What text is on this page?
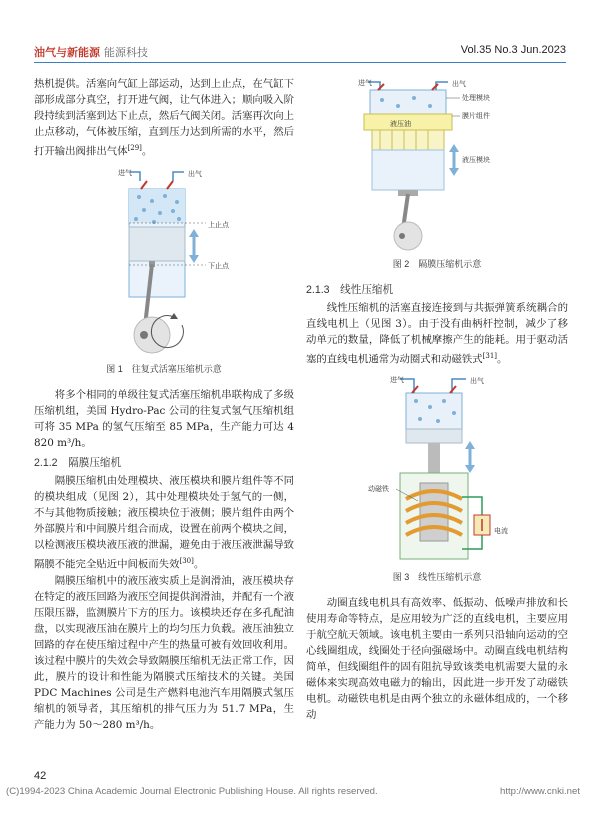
油气与新能源 能源科技	Vol.35 No.3 Jun.2023

热机提供。活塞向气缸上部运动，达到上止点，在气缸下部形成部分真空，打开进气阀，让气体进入；顺向吸入阶段持续到活塞到达下止点，然后气阀关闭。活塞再次向上止点移动，气体被压缩，直到压力达到所需的水平，然后打开输出阀排出气体[29]。

进气	出气
上止点
下止点
图 1　往复式活塞压缩机示意

将多个相同的单级往复式活塞压缩机串联构成了多级压缩机组，美国 Hydro-Pac 公司的往复式氢气压缩机组可将 35 MPa 的氢气压缩至 85 MPa，生产能力可达 4 820 m³/h。

2.1.2　隔膜压缩机

隔膜压缩机由处理模块、液压模块和膜片组件等不同的模块组成（见图 2），其中处理模块处于氢气的一侧，不与其他物质接触；液压模块位于液侧；膜片组件由两个外部膜片和中间膜片组合而成，设置在前两个模块之间，以检测液压模块液压液的泄漏，避免由于液压液泄漏导致隔膜不能完全贴近中间板而失效[30]。

隔膜压缩机中的液压液实质上是润滑油，液压模块存在特定的液压回路为液压空间提供润滑油，并配有一个液压限压器，监测膜片下方的压力。该模块还存在多孔配油盘，以实现液压油在膜片上的均匀压力负载。液压油独立回路的存在使压缩过程中产生的热量可被有效回收利用。该过程中膜片的失效会导致隔膜压缩机无法正常工作，因此，膜片的设计和性能为隔膜式压缩技术的关键。美国 PDC Machines 公司是生产燃料电池汽车用隔膜式氢压缩机的领导者，其压缩机的排气压力为 51.7 MPa，生产能力为 50～280 m³/h。

进气	出气
处理模块
膜片组件
液压油
液压模块
图 2　隔膜压缩机示意
2.1.3　线性压缩机

线性压缩机的活塞直接连接到与共振弹簧系统耦合的直线电机上（见图 3）。由于没有曲柄杆控制，减少了移动单元的数量，降低了机械摩擦产生的能耗。用于驱动活塞的直线电机通常为动圈式和动磁铁式[31]。

进气	出气
动磁铁
电流
图 3　线性压缩机示意

动圈直线电机具有高效率、低振动、低噪声排放和长使用寿命等特点，是应用较为广泛的直线电机，主要应用于航空航天领域。该电机主要由一系列只沿轴向运动的空心线圈组成，线圈处于径向强磁场中。动圈直线电机结构简单，但线圈组件的固有阻抗导致该类电机需要大量的永磁体来实现高效电磁力的输出，因此进一步开发了动磁铁电机。动磁铁电机是由两个独立的永磁体组成的，一个移动

42
(C)1994-2023 China Academic Journal Electronic Publishing House. All rights reserved.	http://www.cnki.net
